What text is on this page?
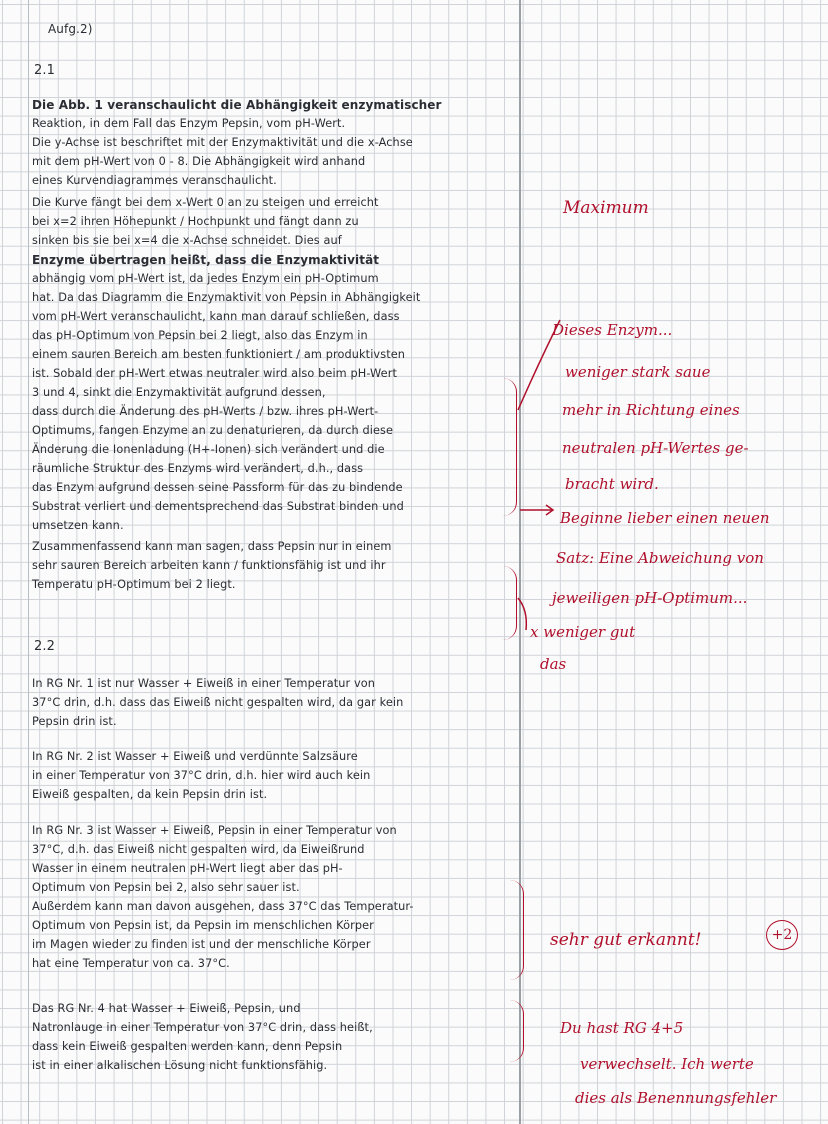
Aufg.2)
2.1
Die Abb. 1 veranschaulicht die Abhängigkeit enzymatischer
Reaktion, in dem Fall das Enzym Pepsin, vom pH-Wert.
Die y-Achse ist beschriftet mit der Enzymaktivität und die x-Achse
mit dem pH-Wert von 0 - 8. Die Abhängigkeit wird anhand
eines Kurvendiagrammes veranschaulicht.
Die Kurve fängt bei dem x-Wert 0 an zu steigen und erreicht
bei x=2 ihren Höhepunkt / Hochpunkt und fängt dann zu
sinken bis sie bei x=4 die x-Achse schneidet. Dies auf
Enzyme übertragen heißt, dass die Enzymaktivität
abhängig vom pH-Wert ist, da jedes Enzym ein pH-Optimum
hat. Da das Diagramm die Enzymaktivit von Pepsin in Abhängigkeit
vom pH-Wert veranschaulicht, kann man darauf schließen, dass
das pH-Optimum von Pepsin bei 2 liegt, also das Enzym in
einem sauren Bereich am besten funktioniert / am produktivsten
ist. Sobald der pH-Wert etwas neutraler wird also beim pH-Wert
3 und 4, sinkt die Enzymaktivität aufgrund dessen,
dass durch die Änderung des pH-Werts / bzw. ihres pH-Wert-
Optimums, fangen Enzyme an zu denaturieren, da durch diese
Änderung die Ionenladung (H+-Ionen) sich verändert und die
räumliche Struktur des Enzyms wird verändert, d.h., dass
das Enzym aufgrund dessen seine Passform für das zu bindende
Substrat verliert und dementsprechend das Substrat binden und
umsetzen kann.
Zusammenfassend kann man sagen, dass Pepsin nur in einem
sehr sauren Bereich arbeiten kann / funktionsfähig ist und ihr
Temperatu pH-Optimum bei 2 liegt.
2.2
In RG Nr. 1 ist nur Wasser + Eiweiß in einer Temperatur von
37°C drin, d.h. dass das Eiweiß nicht gespalten wird, da gar kein
Pepsin drin ist.
In RG Nr. 2 ist Wasser + Eiweiß und verdünnte Salzsäure
in einer Temperatur von 37°C drin, d.h. hier wird auch kein
Eiweiß gespalten, da kein Pepsin drin ist.
In RG Nr. 3 ist Wasser + Eiweiß, Pepsin in einer Temperatur von
37°C, d.h. das Eiweiß nicht gespalten wird, da Eiweißrund
Wasser in einem neutralen pH-Wert liegt aber das pH-
Optimum von Pepsin bei 2, also sehr sauer ist.
Außerdem kann man davon ausgehen, dass 37°C das Temperatur-
Optimum von Pepsin ist, da Pepsin im menschlichen Körper
im Magen wieder zu finden ist und der menschliche Körper
hat eine Temperatur von ca. 37°C.
Das RG Nr. 4 hat Wasser + Eiweiß, Pepsin, und
Natronlauge in einer Temperatur von 37°C drin, dass heißt,
dass kein Eiweiß gespalten werden kann, denn Pepsin
ist in einer alkalischen Lösung nicht funktionsfähig.
Maximum
Dieses Enzym...
weniger stark saue
mehr in Richtung eines
neutralen pH-Wertes ge-
bracht wird.
Beginne lieber einen neuen
Satz: Eine Abweichung von
jeweiligen pH-Optimum...
x weniger gut
das
sehr gut erkannt!	+2
Du hast RG 4+5
verwechselt. Ich werte
dies als Benennungsfehler
